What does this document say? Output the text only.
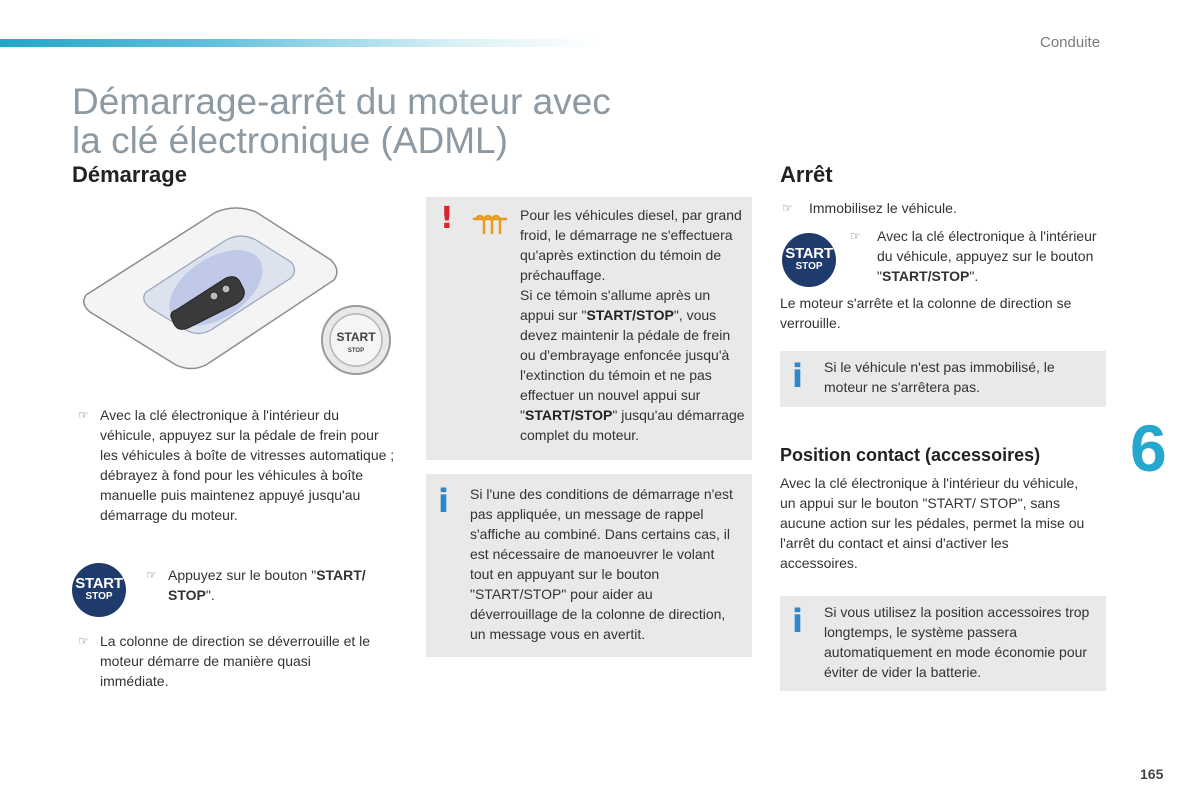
Conduite
Démarrage-arrêt du moteur avec
la clé électronique (ADML)
Démarrage
START
STOP
☞ Avec la clé électronique à l'intérieur du véhicule, appuyez sur la pédale de frein pour les véhicules à boîte de vitresses automatique ; débrayez à fond pour les véhicules à boîte manuelle puis maintenez appuyé jusqu'au démarrage du moteur.
START
STOP
☞ Appuyez sur le bouton "START/
STOP".
☞ La colonne de direction se déverrouille et le moteur démarre de manière quasi immédiate.
!	Pour les véhicules diesel, par grand froid, le démarrage ne s'effectuera qu'après extinction du témoin de préchauffage.
Si ce témoin s'allume après un appui sur "START/STOP", vous devez maintenir la pédale de frein ou d'embrayage enfoncée jusqu'à l'extinction du témoin et ne pas effectuer un nouvel appui sur "START/STOP" jusqu'au démarrage complet du moteur.
i Si l'une des conditions de démarrage n'est pas appliquée, un message de rappel s'affiche au combiné. Dans certains cas, il est nécessaire de manoeuvrer le volant tout en appuyant sur le bouton "START/STOP" pour aider au déverrouillage de la colonne de direction, un message vous en avertit.
Arrêt
☞ Immobilisez le véhicule.
START
STOP
☞ Avec la clé électronique à l'intérieur du véhicule, appuyez sur le bouton "START/STOP".
Le moteur s'arrête et la colonne de direction se verrouille.
i Si le véhicule n'est pas immobilisé, le moteur ne s'arrêtera pas.
Position contact (accessoires)
Avec la clé électronique à l'intérieur du véhicule, un appui sur le bouton "START/ STOP", sans aucune action sur les pédales, permet la mise ou l'arrêt du contact et ainsi d'activer les accessoires.
i Si vous utilisez la position accessoires trop longtemps, le système passera automatiquement en mode économie pour éviter de vider la batterie.
6
165
